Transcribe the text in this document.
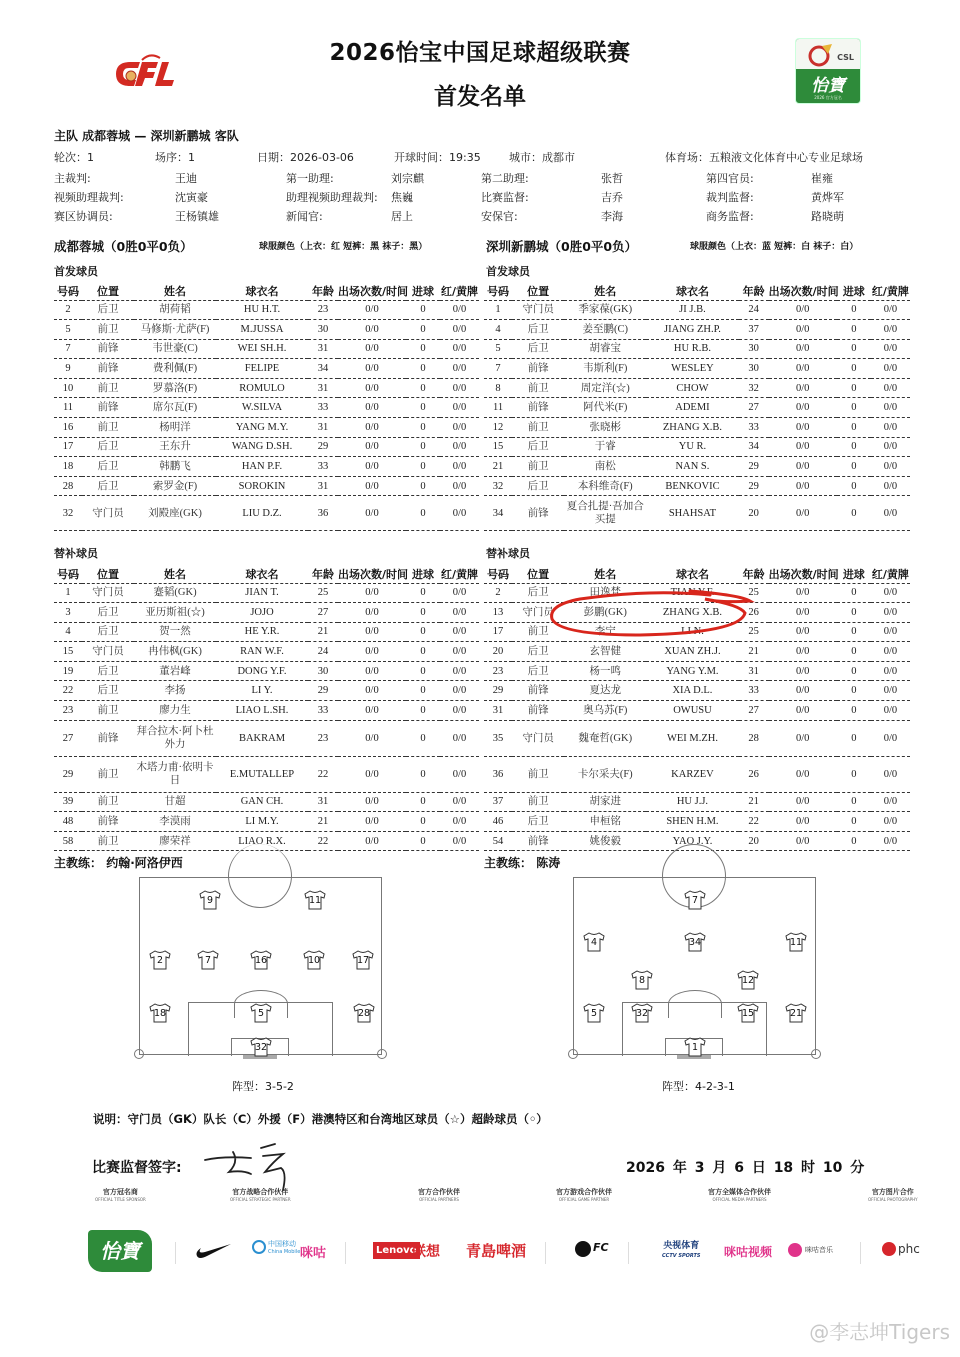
2026怡宝中国足球超级联赛
首发名单
CSL
怡寶
2026 官方冠名
主队 成都蓉城 — 深圳新鹏城 客队
轮次：1	场序：1	日期：2026-03-06	开球时间：19:35	城市：成都市	体育场：五粮液文化体育中心专业足球场
主裁判:	王迪	第一助理:	刘宗麒	第二助理:	张哲	第四官员:	崔雍
视频助理裁判:	沈寅豪	助理视频助理裁判: 焦巍	比赛监督:	吉乔	裁判监督:	黄烨军
赛区协调员:	王杨镇雄	新闻官:	居上	安保官:	李海	商务监督:	路晓萌
成都蓉城（0胜0平0负）	球服颜色（上衣：红 短裤：黑 袜子：黑）
首发球员
号码	位置	姓名	球衣名	年龄	出场次数/时间	进球	红/黄牌
2	后卫	胡荷韬	HU H.T.	23	0/0	0	0/0
5	前卫	马修斯·尤萨(F)	M.JUSSA	30	0/0	0	0/0
7	前锋	韦世豪(C)	WEI SH.H.	31	0/0	0	0/0
9	前锋	费利佩(F)	FELIPE	34	0/0	0	0/0
10	前卫	罗慕洛(F)	ROMULO	31	0/0	0	0/0
11	前锋	席尔瓦(F)	W.SILVA	33	0/0	0	0/0
16	前卫	杨明洋	YANG M.Y.	31	0/0	0	0/0
17	后卫	王东升	WANG D.SH.	29	0/0	0	0/0
18	后卫	韩鹏飞	HAN P.F.	33	0/0	0	0/0
28	后卫	索罗金(F)	SOROKIN	31	0/0	0	0/0
32	守门员	刘殿座(GK)	LIU D.Z.	36	0/0	0	0/0
替补球员
号码	位置	姓名	球衣名	年龄	出场次数/时间	进球	红/黄牌
1	守门员	蹇韬(GK)	JIAN T.	25	0/0	0	0/0
3	后卫	亚历斯祖(☆)	JOJO	27	0/0	0	0/0
4	后卫	贺一然	HE Y.R.	21	0/0	0	0/0
15	守门员	冉伟枫(GK)	RAN W.F.	24	0/0	0	0/0
19	后卫	董岩峰	DONG Y.F.	30	0/0	0	0/0
22	后卫	李扬	LI Y.	29	0/0	0	0/0
23	前卫	廖力生	LIAO L.SH.	33	0/0	0	0/0
27	前锋	拜合拉木·阿卜杜外力	BAKRAM	23	0/0	0	0/0
29	前卫	木塔力甫·依明卡日	E.MUTALLEP	22	0/0	0	0/0
39	前卫	甘超	GAN CH.	31	0/0	0	0/0
48	前锋	李漠雨	LI M.Y.	21	0/0	0	0/0
58	前卫	廖荣祥	LIAO R.X.	22	0/0	0	0/0
主教练： 约翰·阿洛伊西
深圳新鹏城（0胜0平0负）	球服颜色（上衣：蓝 短裤：白 袜子：白）
首发球员
号码	位置	姓名	球衣名	年龄	出场次数/时间	进球	红/黄牌
1	守门员	季家葆(GK)	JI J.B.	24	0/0	0	0/0
4	后卫	姜至鹏(C)	JIANG ZH.P.	37	0/0	0	0/0
5	后卫	胡睿宝	HU R.B.	30	0/0	0	0/0
7	前锋	韦斯利(F)	WESLEY	30	0/0	0	0/0
8	前卫	周定洋(☆)	CHOW	32	0/0	0	0/0
11	前锋	阿代米(F)	ADEMI	27	0/0	0	0/0
12	前卫	张晓彬	ZHANG X.B.	33	0/0	0	0/0
15	后卫	于睿	YU R.	34	0/0	0	0/0
21	前卫	南松	NAN S.	29	0/0	0	0/0
32	后卫	本科维奇(F)	BENKOVIC	29	0/0	0	0/0
34	前锋	夏合扎提·吾加合买提	SHAHSAT	20	0/0	0	0/0
替补球员
号码	位置	姓名	球衣名	年龄	出场次数/时间	进球	红/黄牌
2	后卫	田逸梵	TIAN Y.F.	25	0/0	0	0/0
13	守门员	彭鹏(GK)	ZHANG X.B.	26	0/0	0	0/0
17	前卫	李宁	LI N.	25	0/0	0	0/0
20	后卫	玄智健	XUAN ZH.J.	21	0/0	0	0/0
23	后卫	杨一鸣	YANG Y.M.	31	0/0	0	0/0
29	前锋	夏达龙	XIA D.L.	33	0/0	0	0/0
31	前锋	奥乌苏(F)	OWUSU	27	0/0	0	0/0
35	守门员	魏奄哲(GK)	WEI M.ZH.	28	0/0	0	0/0
36	前卫	卡尔采夫(F)	KARZEV	26	0/0	0	0/0
37	前卫	胡家进	HU J.J.	21	0/0	0	0/0
46	后卫	申桓铭	SHEN H.M.	22	0/0	0	0/0
54	前锋	姚俊毅	YAO J.Y.	20	0/0	0	0/0
主教练： 陈涛
9	11
2	7	16	10	17
18	5	28
32
阵型：3-5-2
7
4	34	11
8	12
5	32	15	21
1
阵型：4-2-3-1
说明：守门员（GK）队长（C）外援（F）港澳特区和台湾地区球员（☆）超龄球员（◦）
比赛监督签字:	2026 年 3 月 6 日 18 时 10 分
官方冠名商
OFFICIAL TITLE SPONSOR
官方战略合作伙伴
OFFICIAL STRATEGIC PARTNER
官方合作伙伴
OFFICIAL PARTNERS
官方游戏合作伙伴
OFFICIAL GAME PARTNER
官方全媒体合作伙伴
OFFICIAL MEDIA PARTNERS
官方图片合作
OFFICIAL PHOTOGRAPHY
怡寶	中国移动
China Mobile 咪咕	Lenovo
联想 青島啤酒	FC	央视体育
CCTV SPORTS 咪咕视频	咪咕音乐	phc
@李志坤Tigers
